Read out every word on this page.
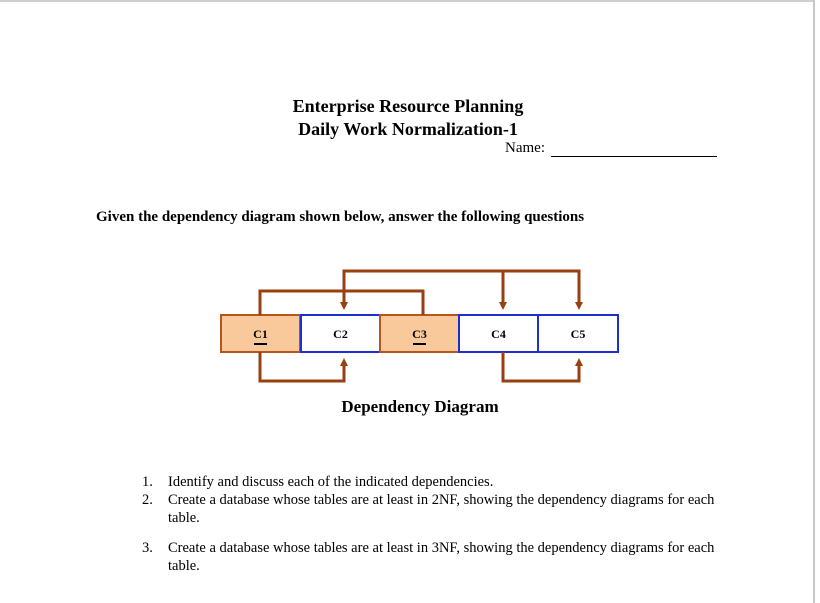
Enterprise Resource Planning
Daily Work Normalization-1
Name:
Given the dependency diagram shown below, answer the following questions
C1	C2	C3	C4	C5
Dependency Diagram
1.	Identify and discuss each of the indicated dependencies.
2.	Create a database whose tables are at least in 2NF, showing the dependency diagrams for each table.
3.	Create a database whose tables are at least in 3NF, showing the dependency diagrams for each table.
